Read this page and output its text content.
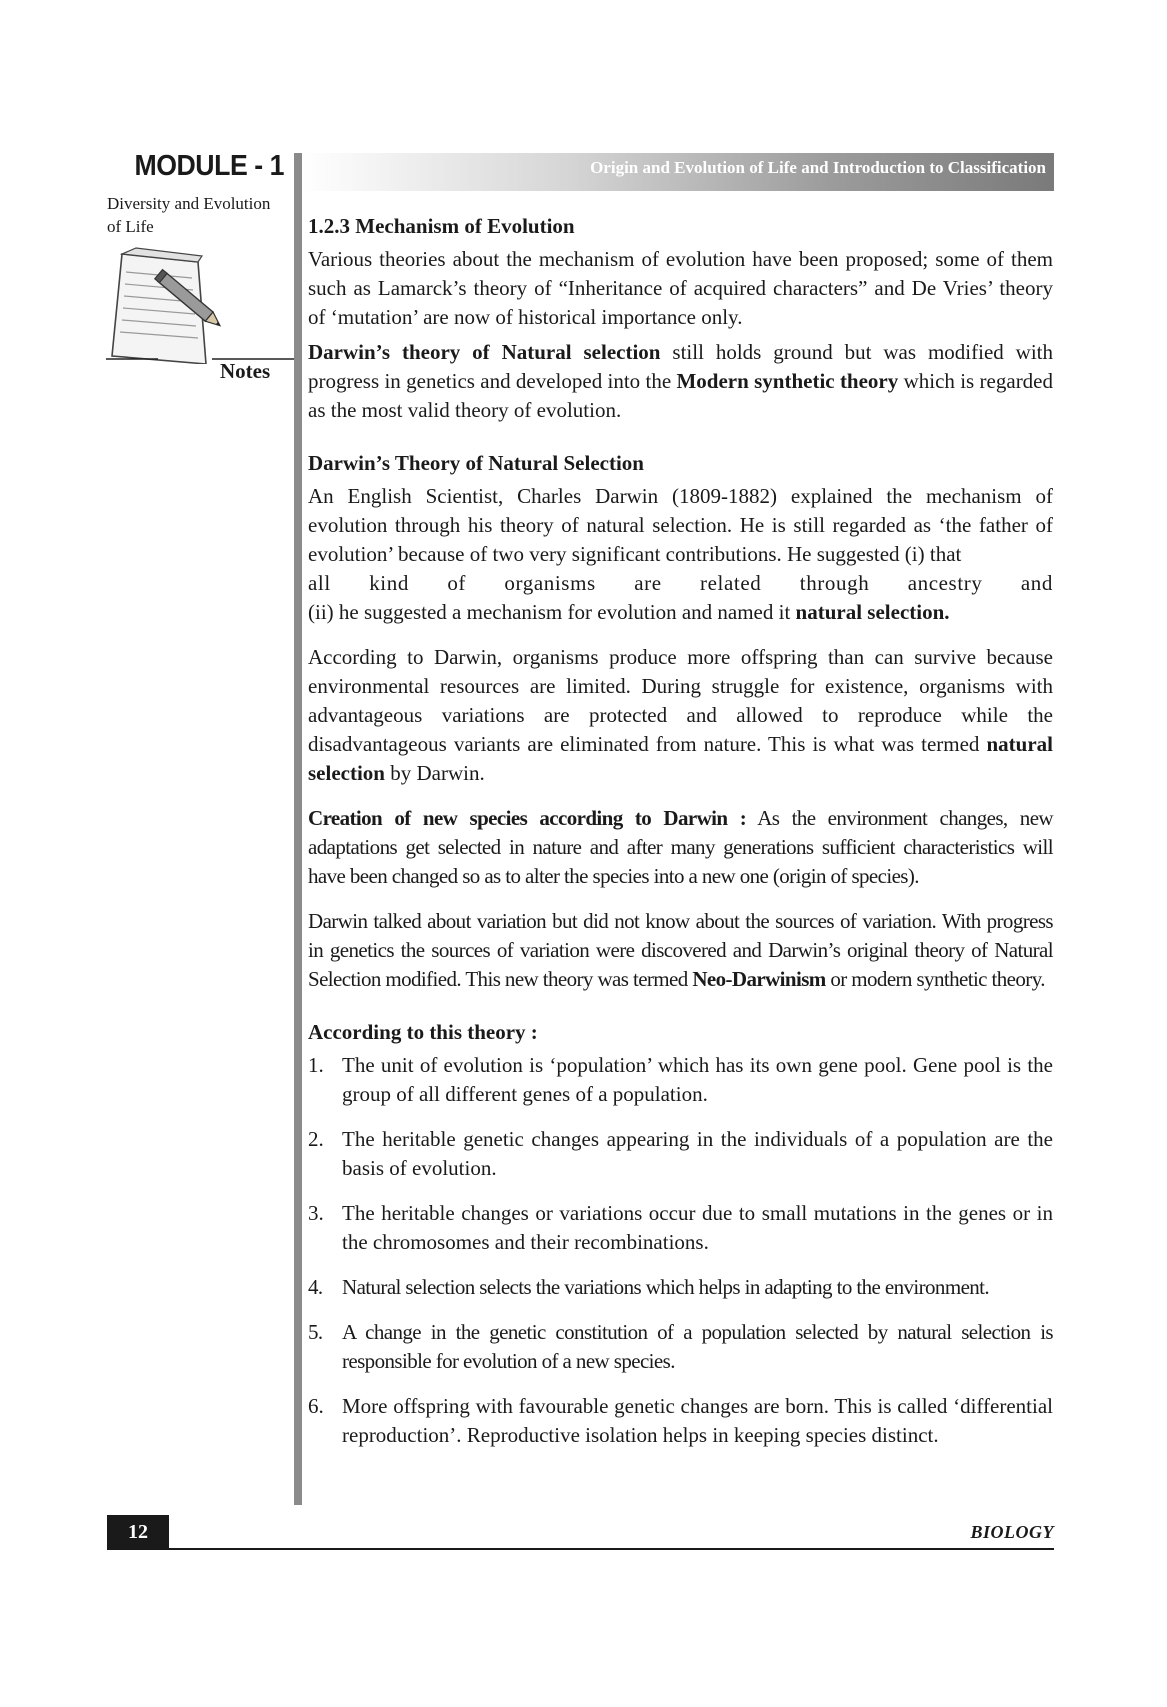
MODULE - 1
Diversity and Evolution
of Life
Notes
Origin and Evolution of Life and Introduction to Classification
1.2.3 Mechanism of Evolution

Various theories about the mechanism of evolution have been proposed; some of them such as Lamarck’s theory of “Inheritance of acquired characters” and De Vries’ theory of ‘mutation’ are now of historical importance only.

Darwin’s theory of Natural selection still holds ground but was modified with progress in genetics and developed into the Modern synthetic theory which is regarded as the most valid theory of evolution.

Darwin’s Theory of Natural Selection

An English Scientist, Charles Darwin (1809-1882) explained the mechanism of evolution through his theory of natural selection. He is still regarded as ‘the father of evolution’ because of two very significant contributions. He suggested (i) that

all kind of organisms are related through ancestry and

(ii) he suggested a mechanism for evolution and named it natural selection.

According to Darwin, organisms produce more offspring than can survive because environmental resources are limited. During struggle for existence, organisms with advantageous variations are protected and allowed to reproduce while the disadvantageous variants are eliminated from nature. This is what was termed natural selection by Darwin.

Creation of new species according to Darwin : As the environment changes, new adaptations get selected in nature and after many generations sufficient characteristics will have been changed so as to alter the species into a new one (origin of species).

Darwin talked about variation but did not know about the sources of variation. With progress in genetics the sources of variation were discovered and Darwin’s original theory of Natural Selection modified. This new theory was termed Neo-Darwinism or modern synthetic theory.

According to this theory :
1. The unit of evolution is ‘population’ which has its own gene pool. Gene pool is the group of all different genes of a population.
2. The heritable genetic changes appearing in the individuals of a population are the basis of evolution.
3. The heritable changes or variations occur due to small mutations in the genes or in the chromosomes and their recombinations.
4. Natural selection selects the variations which helps in adapting to the environment.
5. A change in the genetic constitution of a population selected by natural selection is responsible for evolution of a new species.
6. More offspring with favourable genetic changes are born. This is called ‘differential reproduction’. Reproductive isolation helps in keeping species distinct.
12	BIOLOGY
